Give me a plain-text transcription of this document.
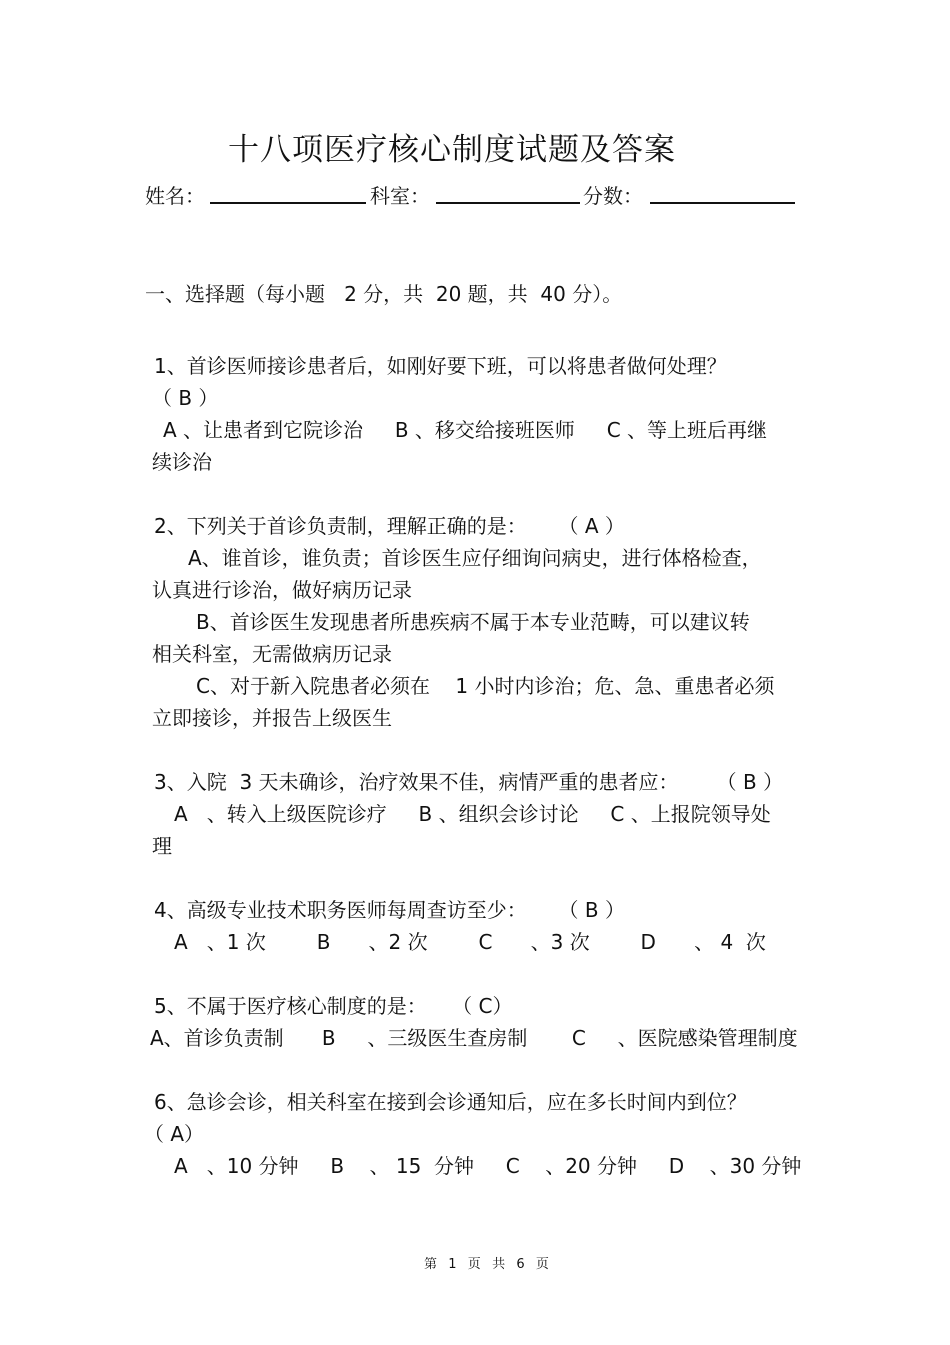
十八项医疗核心制度试题及答案
姓名：	科室：	分数：
一、选择题（每小题   2 分，共  20 题，共  40 分）。
1、首诊医师接诊患者后，如刚好要下班，可以将患者做何处理？
（ B ）
A 、让患者到它院诊治     B 、移交给接班医师     C 、等上班后再继
续诊治
2、下列关于首诊负责制，理解正确的是：     （ A ）
A、谁首诊，谁负责；首诊医生应仔细询问病史，进行体格检查，
认真进行诊治，做好病历记录
B、首诊医生发现患者所患疾病不属于本专业范畴，可以建议转
相关科室，无需做病历记录
C、对于新入院患者必须在    1 小时内诊治；危、急、重患者必须
立即接诊，并报告上级医生
3、入院  3 天未确诊，治疗效果不佳，病情严重的患者应：      （ B ）
A   、转入上级医院诊疗     B 、组织会诊讨论     C 、上报院领导处
理
4、高级专业技术职务医师每周查访至少：     （ B ）
A   、1 次        B      、2 次        C      、3 次        D      、 4  次
5、不属于医疗核心制度的是：    （ C）
A、首诊负责制      B     、三级医生查房制       C     、医院感染管理制度
6、急诊会诊，相关科室在接到会诊通知后，应在多长时间内到位？
（ A）
A   、10 分钟     B    、 15  分钟     C    、20 分钟     D    、30 分钟
第  1  页  共  6  页
